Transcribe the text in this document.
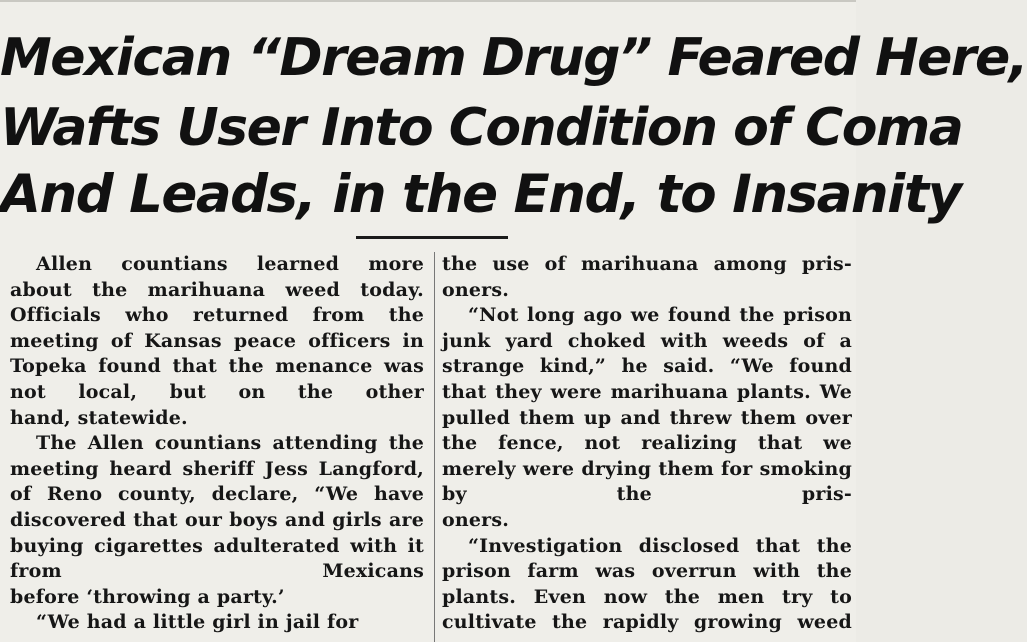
Mexican “Dream Drug” Feared Here,
Wafts User Into Condition of Coma
And Leads, in the End, to Insanity

Allen countians learned more about the marihuana weed today. Officials who returned from the meeting of Kansas peace officers in Topeka found that the menance was not local, but on the other

hand, statewide.

The Allen countians attending the meeting heard sheriff Jess Langford, of Reno county, declare, “We have discovered that our boys and girls are buying cigarettes adulterated with it from Mexicans

before ‘throwing a party.’

“We had a little girl in jail for

the use of marihuana among pris-

oners.

“Not long ago we found the prison junk yard choked with weeds of a strange kind,” he said. “We found that they were marihuana plants. We pulled them up and threw them over the fence, not realizing that we merely were drying them for smoking by the pris-

oners.

“Investigation disclosed that the prison farm was overrun with the plants. Even now the men try to cultivate the rapidly growing weed
